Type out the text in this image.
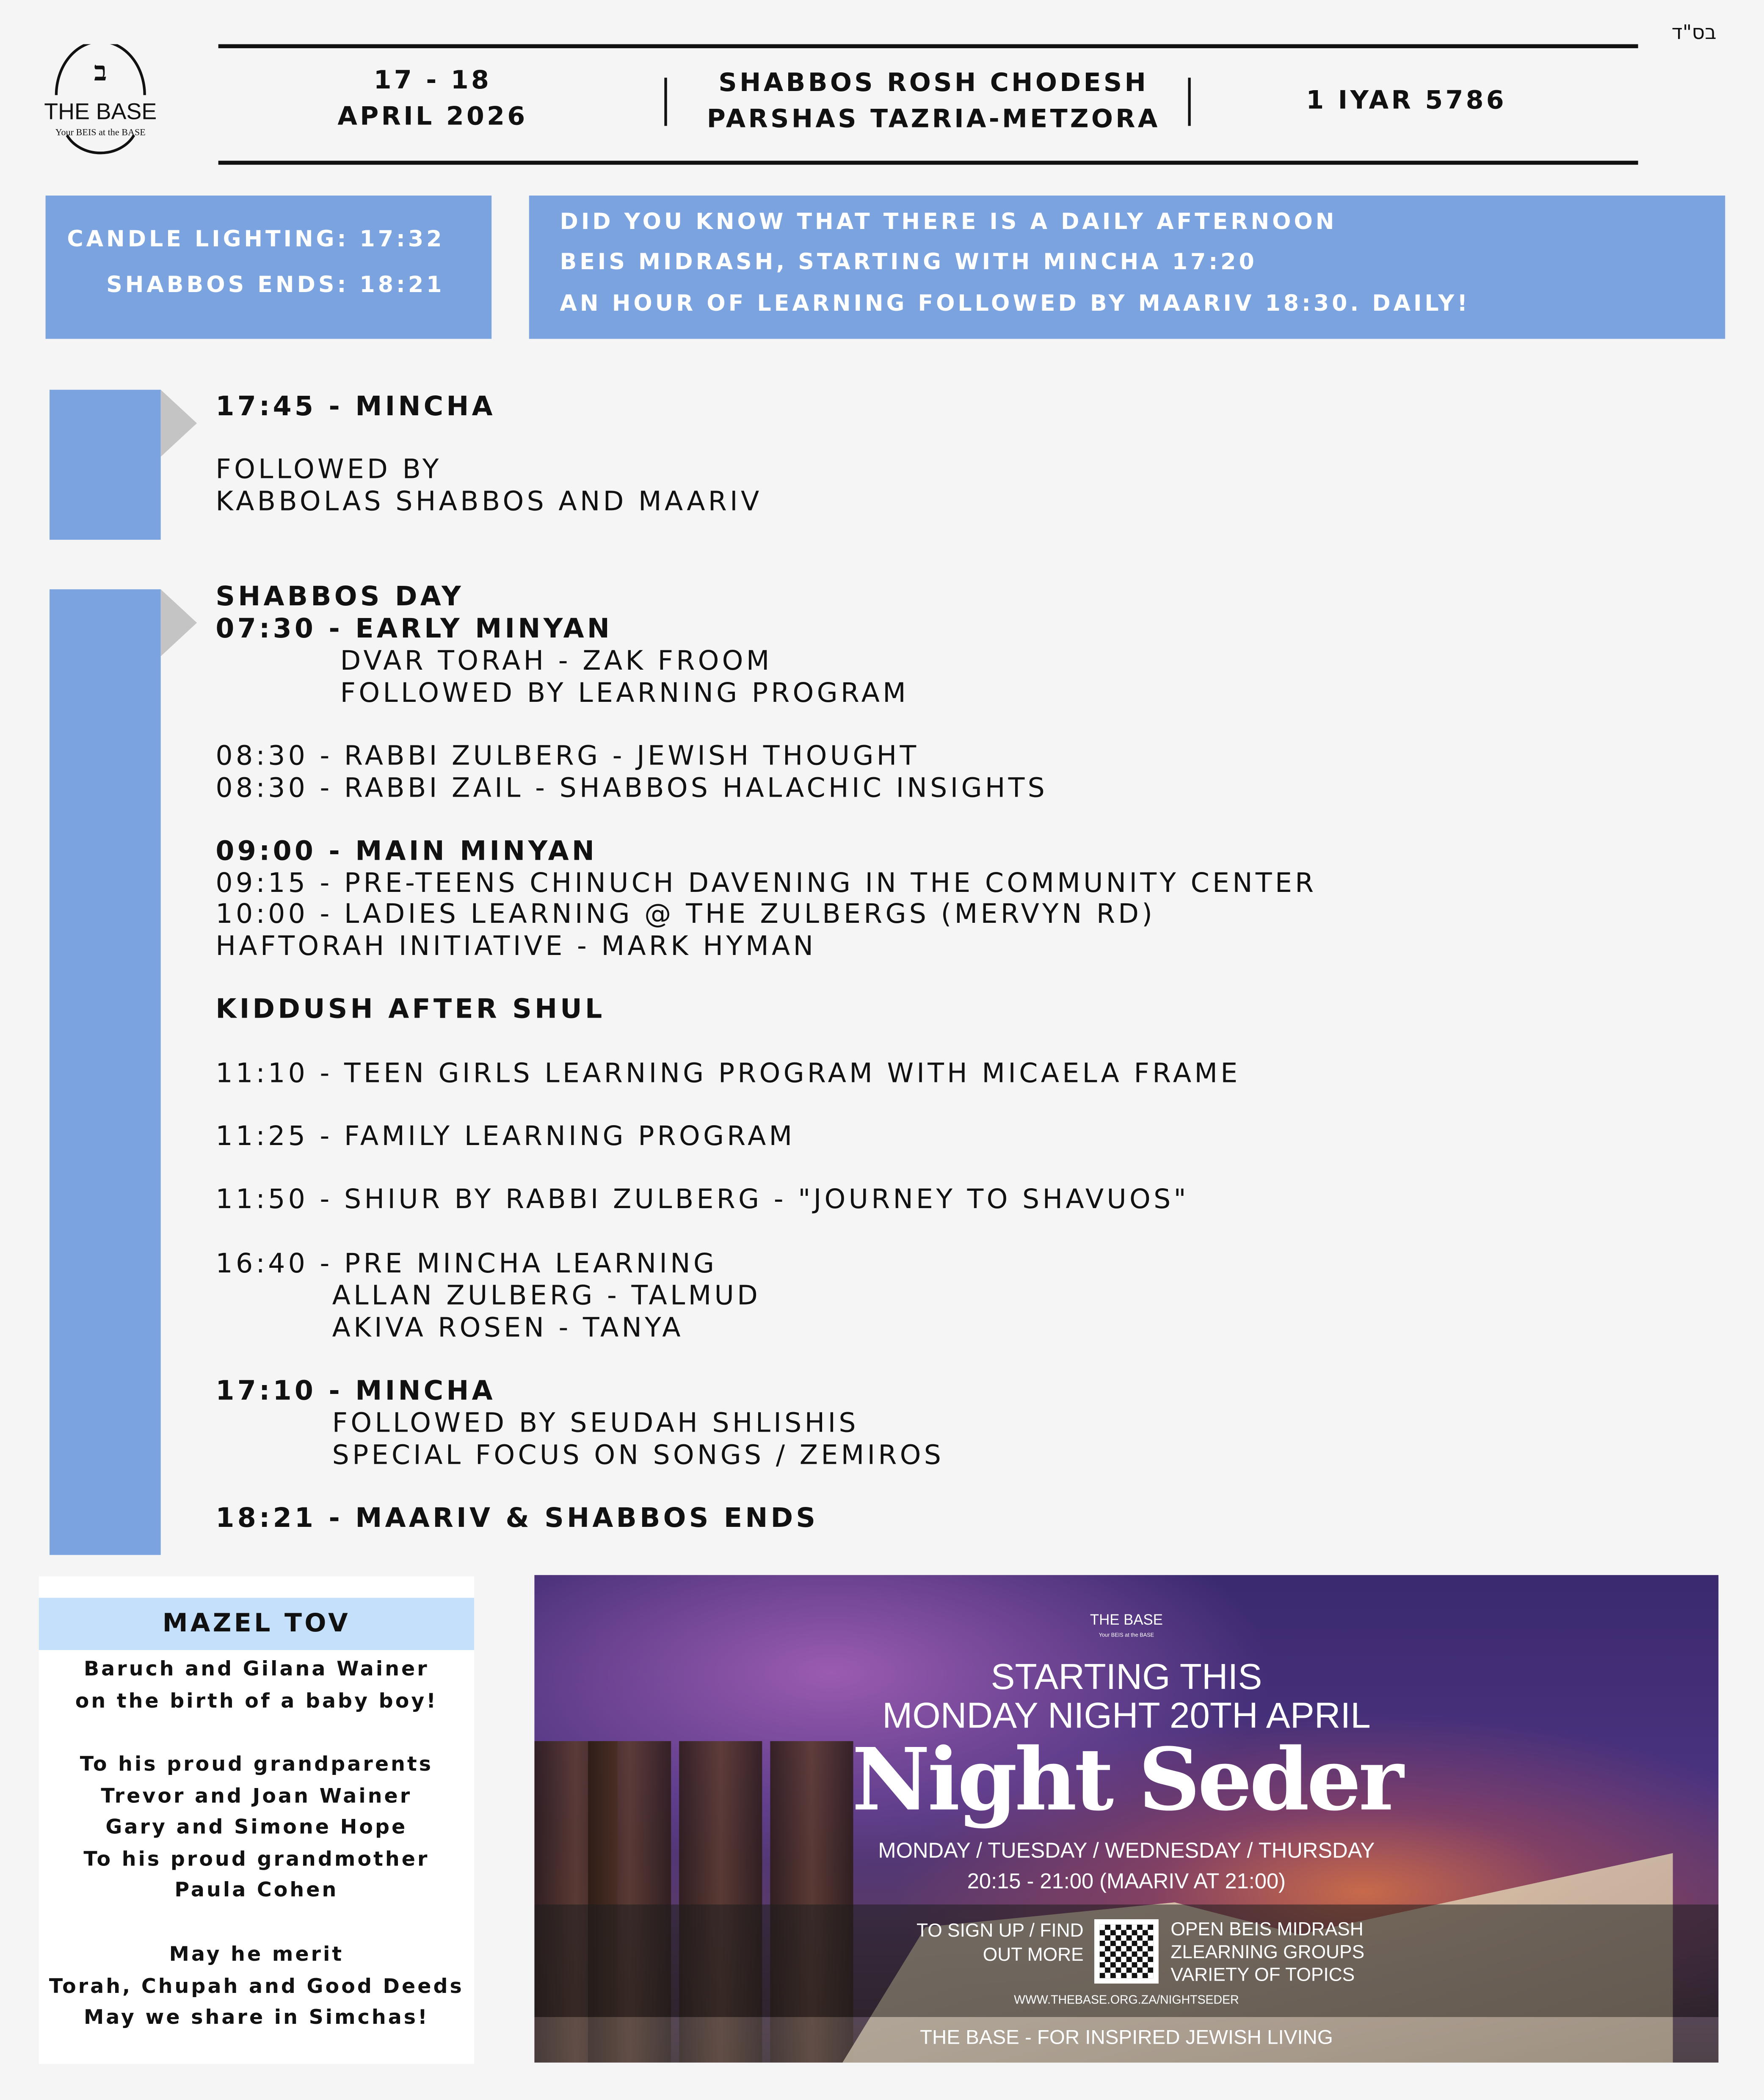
ב
THE BASE
Your BEIS at the BASE
בס"ד
17 - 18
APRIL 2026
SHABBOS ROSH CHODESH
PARSHAS TAZRIA-METZORA
1 IYAR 5786
CANDLE LIGHTING: 17:32
SHABBOS ENDS: 18:21
DID YOU KNOW THAT THERE IS A DAILY AFTERNOON
BEIS MIDRASH, STARTING WITH MINCHA 17:20
AN HOUR OF LEARNING FOLLOWED BY MAARIV 18:30. DAILY!
17:45 - MINCHA
FOLLOWED BY
KABBOLAS SHABBOS AND MAARIV
SHABBOS DAY
07:30 - EARLY MINYAN
DVAR TORAH - ZAK FROOM
FOLLOWED BY LEARNING PROGRAM
08:30 - RABBI ZULBERG - JEWISH THOUGHT
08:30 - RABBI ZAIL - SHABBOS HALACHIC INSIGHTS
09:00 - MAIN MINYAN
09:15 - PRE-TEENS CHINUCH DAVENING IN THE COMMUNITY CENTER
10:00 - LADIES LEARNING @ THE ZULBERGS (MERVYN RD)
HAFTORAH INITIATIVE - MARK HYMAN
KIDDUSH AFTER SHUL
11:10 - TEEN GIRLS LEARNING PROGRAM WITH MICAELA FRAME
11:25 - FAMILY LEARNING PROGRAM
11:50 - SHIUR BY RABBI ZULBERG - "JOURNEY TO SHAVUOS"
16:40 - PRE MINCHA LEARNING
ALLAN ZULBERG - TALMUD
AKIVA ROSEN - TANYA
17:10 - MINCHA
FOLLOWED BY SEUDAH SHLISHIS
SPECIAL FOCUS ON SONGS / ZEMIROS
18:21 - MAARIV & SHABBOS ENDS
MAZEL TOV
Baruch and Gilana Wainer
on the birth of a baby boy!
To his proud grandparents
Trevor and Joan Wainer
Gary and Simone Hope
To his proud grandmother
Paula Cohen
May he merit
Torah, Chupah and Good Deeds
May we share in Simchas!
THE BASE
Your BEIS at the BASE
STARTING THIS
MONDAY NIGHT 20TH APRIL
Night Seder
MONDAY / TUESDAY / WEDNESDAY / THURSDAY
20:15 - 21:00 (MAARIV AT 21:00)
TO SIGN UP / FIND
OUT MORE
OPEN BEIS MIDRASH
ZLEARNING GROUPS
VARIETY OF TOPICS
WWW.THEBASE.ORG.ZA/NIGHTSEDER
THE BASE - FOR INSPIRED JEWISH LIVING
